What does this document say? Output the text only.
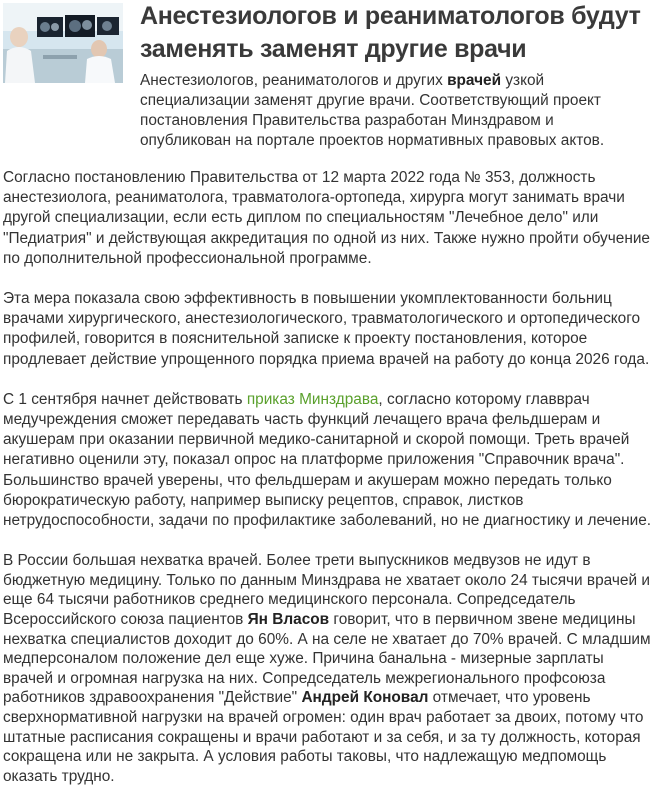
Анестезиологов и реаниматологов будут заменять заменят другие врачи

Анестезиологов, реаниматологов и других врачей узкой специализации заменят другие врачи. Соответствующий проект постановления Правительства разработан Минздравом и опубликован на портале проектов нормативных правовых актов.

Согласно постановлению Правительства от 12 марта 2022 года № 353, должность анестезиолога, реаниматолога, травматолога-ортопеда, хирурга могут занимать врачи другой специализации, если есть диплом по специальностям "Лечебное дело" или "Педиатрия" и действующая аккредитация по одной из них. Также нужно пройти обучение по дополнительной профессиональной программе.

Эта мера показала свою эффективность в повышении укомплектованности больниц врачами хирургического, анестезиологического, травматологического и ортопедического профилей, говорится в пояснительной записке к проекту постановления, которое продлевает действие упрощенного порядка приема врачей на работу до конца 2026 года.

С 1 сентября начнет действовать приказ Минздрава, согласно которому главврач медучреждения сможет передавать часть функций лечащего врача фельдшерам и акушерам при оказании первичной медико-санитарной и скорой помощи. Треть врачей негативно оценили эту, показал опрос на платформе приложения "Справочник врача". Большинство врачей уверены, что фельдшерам и акушерам можно передать только бюрократическую работу, например выписку рецептов, справок, листков нетрудоспособности, задачи по профилактике заболеваний, но не диагностику и лечение.

В России большая нехватка врачей. Более трети выпускников медвузов не идут в бюджетную медицину. Только по данным Минздрава не хватает около 24 тысячи врачей и еще 64 тысячи работников среднего медицинского персонала. Сопредседатель Всероссийского союза пациентов Ян Власов говорит, что в первичном звене медицины нехватка специалистов доходит до 60%. А на селе не хватает до 70% врачей. С младшим медперсоналом положение дел еще хуже. Причина банальна - мизерные зарплаты врачей и огромная нагрузка на них. Сопредседатель межрегионального профсоюза работников здравоохранения "Действие" Андрей Коновал отмечает, что уровень сверхнормативной нагрузки на врачей огромен: один врач работает за двоих, потому что штатные расписания сокращены и врачи работают и за себя, и за ту должность, которая сокращена или не закрыта. А условия работы таковы, что надлежащую медпомощь оказать трудно.
